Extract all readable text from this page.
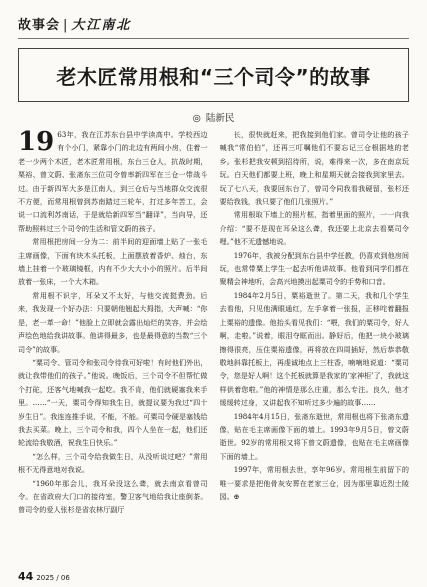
故事会 | 大江南北
老木匠常用根和“三个司令”的故事
◎ 陆新民

19 63年，我在江苏东台县中学读高中。学校西边有个小门，紧靠小门的北边有两间小房，住着一老一少两个木匠，老木匠常用根，东台三仓人，抗战时期，栗裕、曾文蔚、张斋东三位司令曾率新四军在三仓一带战斗过。由于新四军大多是江南人，到三仓后与当地群众交流很不方便，而常用根曾到苏南踏过三轮车，打过多年苦工，会说一口流利苏南话，于是就给新四军当“翻译”，当向导，还帮助照料过三个司令的生活和管文蔚的孩子。

常用根把房间一分为二：前半间的迎面墙上贴了一张毛主席画像，下面有块木头托板，上面摆放着香炉、烛台，东墙上挂着一个玻璃镜框，内有不少大大小小的照片。后半间放着一张床，一个大木箱。

常用根不识字，耳朵又不太好，与他交流挺费劲。后来，我发现一个好办法：只要朝他翘起大拇指，大声喊：“你是，老一革一命！”他脸上立即就会露出灿烂的笑容，并会绘声绘色地给我讲故事。他讲得最多，也是最得意的当数“三个司令”的故事。

“粟司令、管司令和张司令待我可好啦！有时他们外出，就让我带他们的孩子。”他说。晚饭后，三个司令不但帮忙做个打砣，还客气地喊我一起吃。我不肯，他们就硬塞我来手里。……“一天，粟司令得知我生日，就提议要为我过“四十岁生日”。我连连推手说，不能，不能。可粟司令硬是塞钱给我去买菜。晚上，三个司令和我，四个人坐在一起，他们还轮流给我敬酒，祝我生日快乐。”

“怎么样，三个司令给我做生日，从没听说过吧？”常用根不无得意地对我说。

“1960年那会儿，我耳朵没这么聋，就去南京看曾司令。在省政府大门口的接待室，警卫客气地给我让座倒茶。曾司令的爱人张杉是省农林厅副厅

长，很快就赶来，把我接到他们家。曾司令让他的孩子喊我“常伯伯”，还再三叮嘱他们不要忘记三仓根据地的老乡。张杉把我安顿到招待所，说，难得来一次，多在南京玩玩。白天他们都要上班，晚上和星期天就会接我到家里去。玩了七八天，我要回东台了，曾司令同我看我硬留，张杉还要给我钱，我只要了他们几张照片。”

常用根取下墙上的照片框，指着里面的照片，一一向我介绍：“要不是现在耳朵这么聋，我还要上北京去看粟司令哩。”他不无遗憾地说。

1976年，我被分配到东台县中学任教，仍喜欢到他房间玩，也常带粟上学生一起去听他讲故事。他看到同学们都在聚精会神地听，会高兴地摸出起粟司令的手势和口音。

1984年2月5日，粟裕逝世了。第二天，我和几个学生去看他，只见他满眼通红，左手拿着一张报，正移咤着翻报上粟裕的遗像。他抬头看见我们：“喂，我们的粟司令，好人啊，走啦。”说着，眼泪夺眶而出。静好后，他把一块小玻璃擦得很亮，压住粟裕遗像，再将放在四周插好，然后恭恭敬敬地斜靠托板上，再虔诚地点上三柱香，喃喃地说道：“粟司令，您是好人啊！这个托板就算是我家的‘家神柜’了，我就这样供着您啦。”他的神情是那么庄重，那么专注。良久，他才缓缓转过身，又讲起我不知听过多少遍的故事……

1984年4月15日，张斋东逝世，常用根也将下张斋东遗像，贴在毛主席画像下面的墙上。1993年9月5日，曾文蔚逝世。92岁的常用根又将下曾文蔚遗像，也贴在毛主席画像下面的墙上。

1997年，常用根去世，享年96岁。常用根生前留下的唯一要求是把他骨灰安葬在老家三仓，因为那里靠近烈士陵园。⊕

44 2025 / 06
